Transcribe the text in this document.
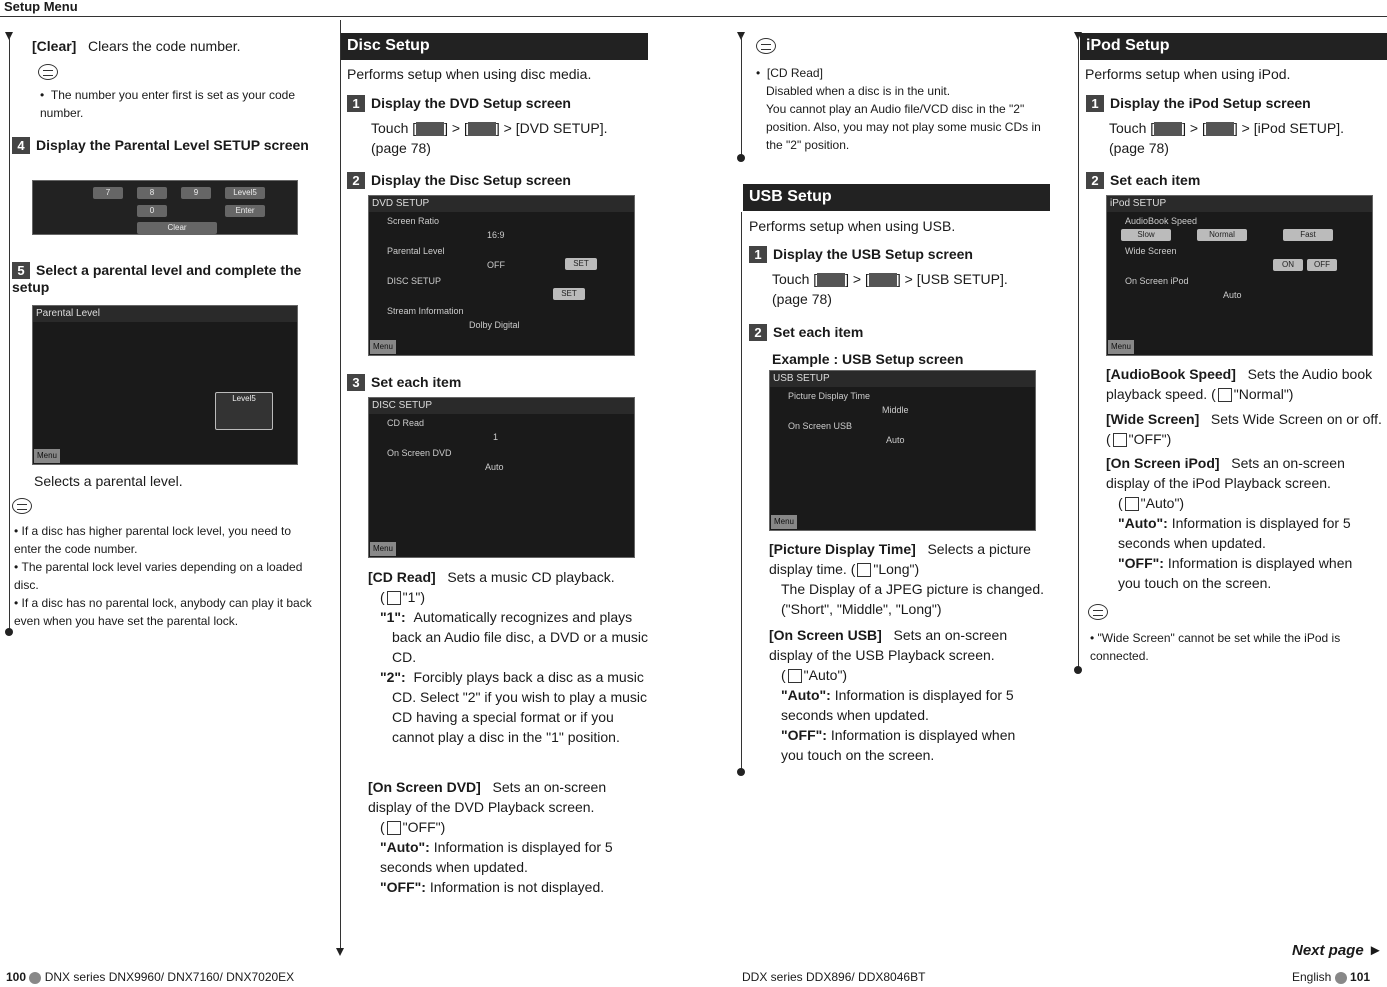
Setup Menu
[Clear] Clears the code number.
•  The number you enter first is set as your code number.
4 Display the Parental Level SETUP screen
7	8	9	Level5
0	Enter
Clear
5 Select a parental level and complete the setup
Parental Level
Level5
Menu
Selects a parental level.
• If a disc has higher parental lock level, you need to enter the code number.
• The parental lock level varies depending on a loaded disc.
• If a disc has no parental lock, anybody can play it back even when you have set the parental lock.
Disc Setup
Performs setup when using disc media.
1 Display the DVD Setup screen
Touch [ ] > [ ] > [DVD SETUP].
(page 78)
2 Display the Disc Setup screen
DVD SETUP
Screen Ratio
16:9
Parental Level
OFF	SET
DISC SETUP
SET
Stream Information
Dolby Digital
Menu
3 Set each item
DISC SETUP
CD Read
1
On Screen DVD
Auto
Menu
[CD Read] Sets a music CD playback.
( "1")
"1": Automatically recognizes and plays back an Audio file disc, a DVD or a music CD.
"2": Forcibly plays back a disc as a music CD. Select "2" if you wish to play a music CD having a special format or if you cannot play a disc in the "1" position.
[On Screen DVD] Sets an on-screen display of the DVD Playback screen.
( "OFF")
"Auto": Information is displayed for 5 seconds when updated.
"OFF": Information is not displayed.
•  [CD Read]
Disabled when a disc is in the unit.
You cannot play an Audio file/VCD disc in the "2" position. Also, you may not play some music CDs in the "2" position.
USB Setup
Performs setup when using USB.
1 Display the USB Setup screen
Touch [ ] > [ ] > [USB SETUP].
(page 78)
2 Set each item
Example : USB Setup screen
USB SETUP
Picture Display Time
Middle
On Screen USB
Auto
Menu
[Picture Display Time] Selects a picture display time. ( "Long")
The Display of a JPEG picture is changed. ("Short", "Middle", "Long")
[On Screen USB] Sets an on-screen display of the USB Playback screen.
( "Auto")
"Auto": Information is displayed for 5 seconds when updated.
"OFF": Information is displayed when you touch on the screen.
iPod Setup
Performs setup when using iPod.
1 Display the iPod Setup screen
Touch [ ] > [ ] > [iPod SETUP].
(page 78)
2 Set each item
iPod SETUP
AudioBook Speed
Slow	Normal	Fast
Wide Screen
ON	OFF
On Screen iPod
Auto
Menu
[AudioBook Speed] Sets the Audio book playback speed. ( "Normal")
[Wide Screen] Sets Wide Screen on or off. ( "OFF")
[On Screen iPod] Sets an on-screen display of the iPod Playback screen.
( "Auto")
"Auto": Information is displayed for 5 seconds when updated.
"OFF": Information is displayed when you touch on the screen.
• "Wide Screen" cannot be set while the iPod is connected.
Next page ►
100 DNX series DNX9960/ DNX7160/ DNX7020EX	DDX series DDX896/ DDX8046BT	English 101
